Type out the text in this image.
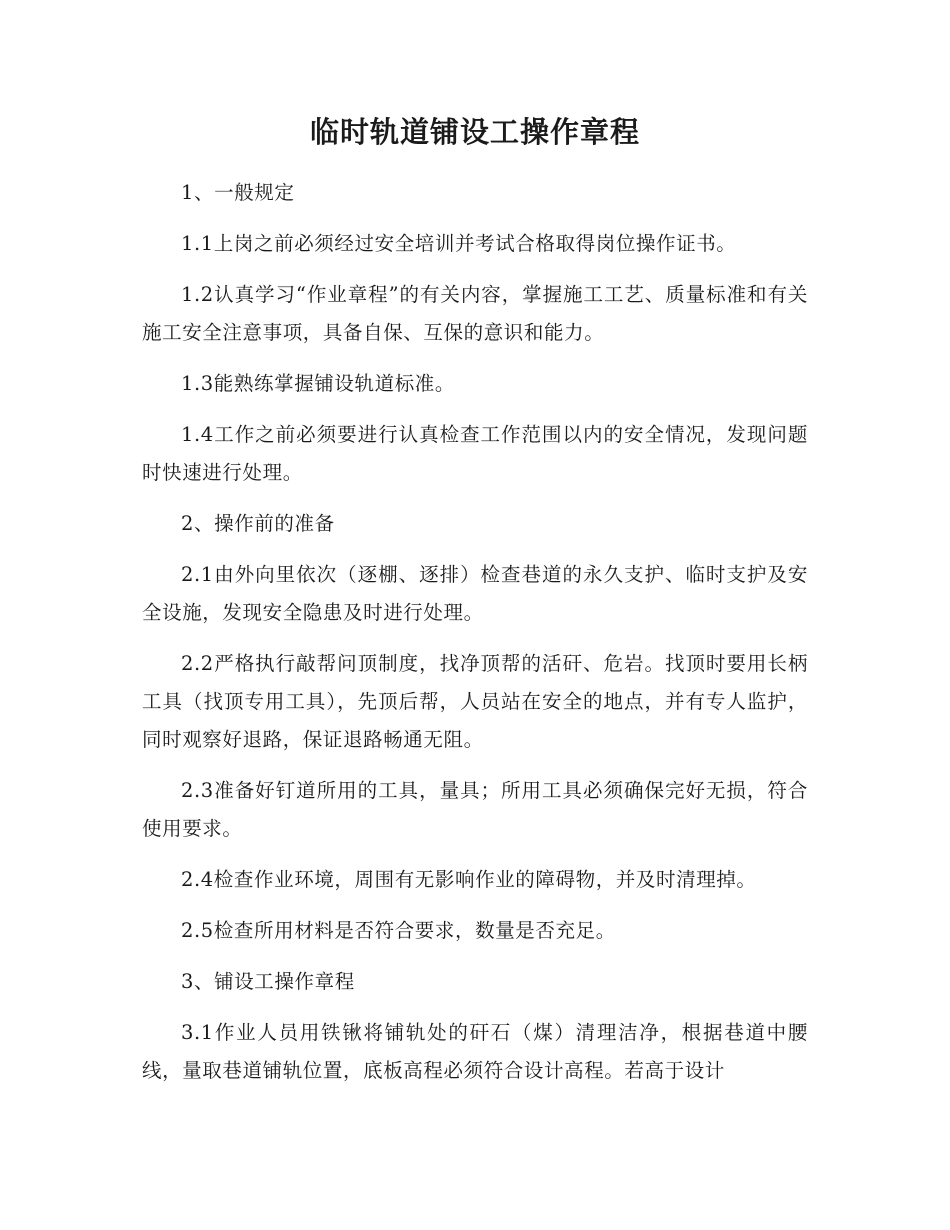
临时轨道铺设工操作章程

1、一般规定

1.1上岗之前必须经过安全培训并考试合格取得岗位操作证书。

1.2认真学习“作业章程”的有关内容，掌握施工工艺、质量标准和有关施工安全注意事项，具备自保、互保的意识和能力。

1.3能熟练掌握铺设轨道标准。

1.4工作之前必须要进行认真检查工作范围以内的安全情况，发现问题时快速进行处理。

2、操作前的准备

2.1由外向里依次（逐棚、逐排）检查巷道的永久支护、临时支护及安全设施，发现安全隐患及时进行处理。

2.2严格执行敲帮问顶制度，找净顶帮的活矸、危岩。找顶时要用长柄工具（找顶专用工具），先顶后帮，人员站在安全的地点，并有专人监护，同时观察好退路，保证退路畅通无阻。

2.3准备好钉道所用的工具，量具；所用工具必须确保完好无损，符合使用要求。

2.4检查作业环境，周围有无影响作业的障碍物，并及时清理掉。

2.5检查所用材料是否符合要求，数量是否充足。

3、铺设工操作章程

3.1作业人员用铁锹将铺轨处的矸石（煤）清理洁净，根据巷道中腰线，量取巷道铺轨位置，底板高程必须符合设计高程。若高于设计
